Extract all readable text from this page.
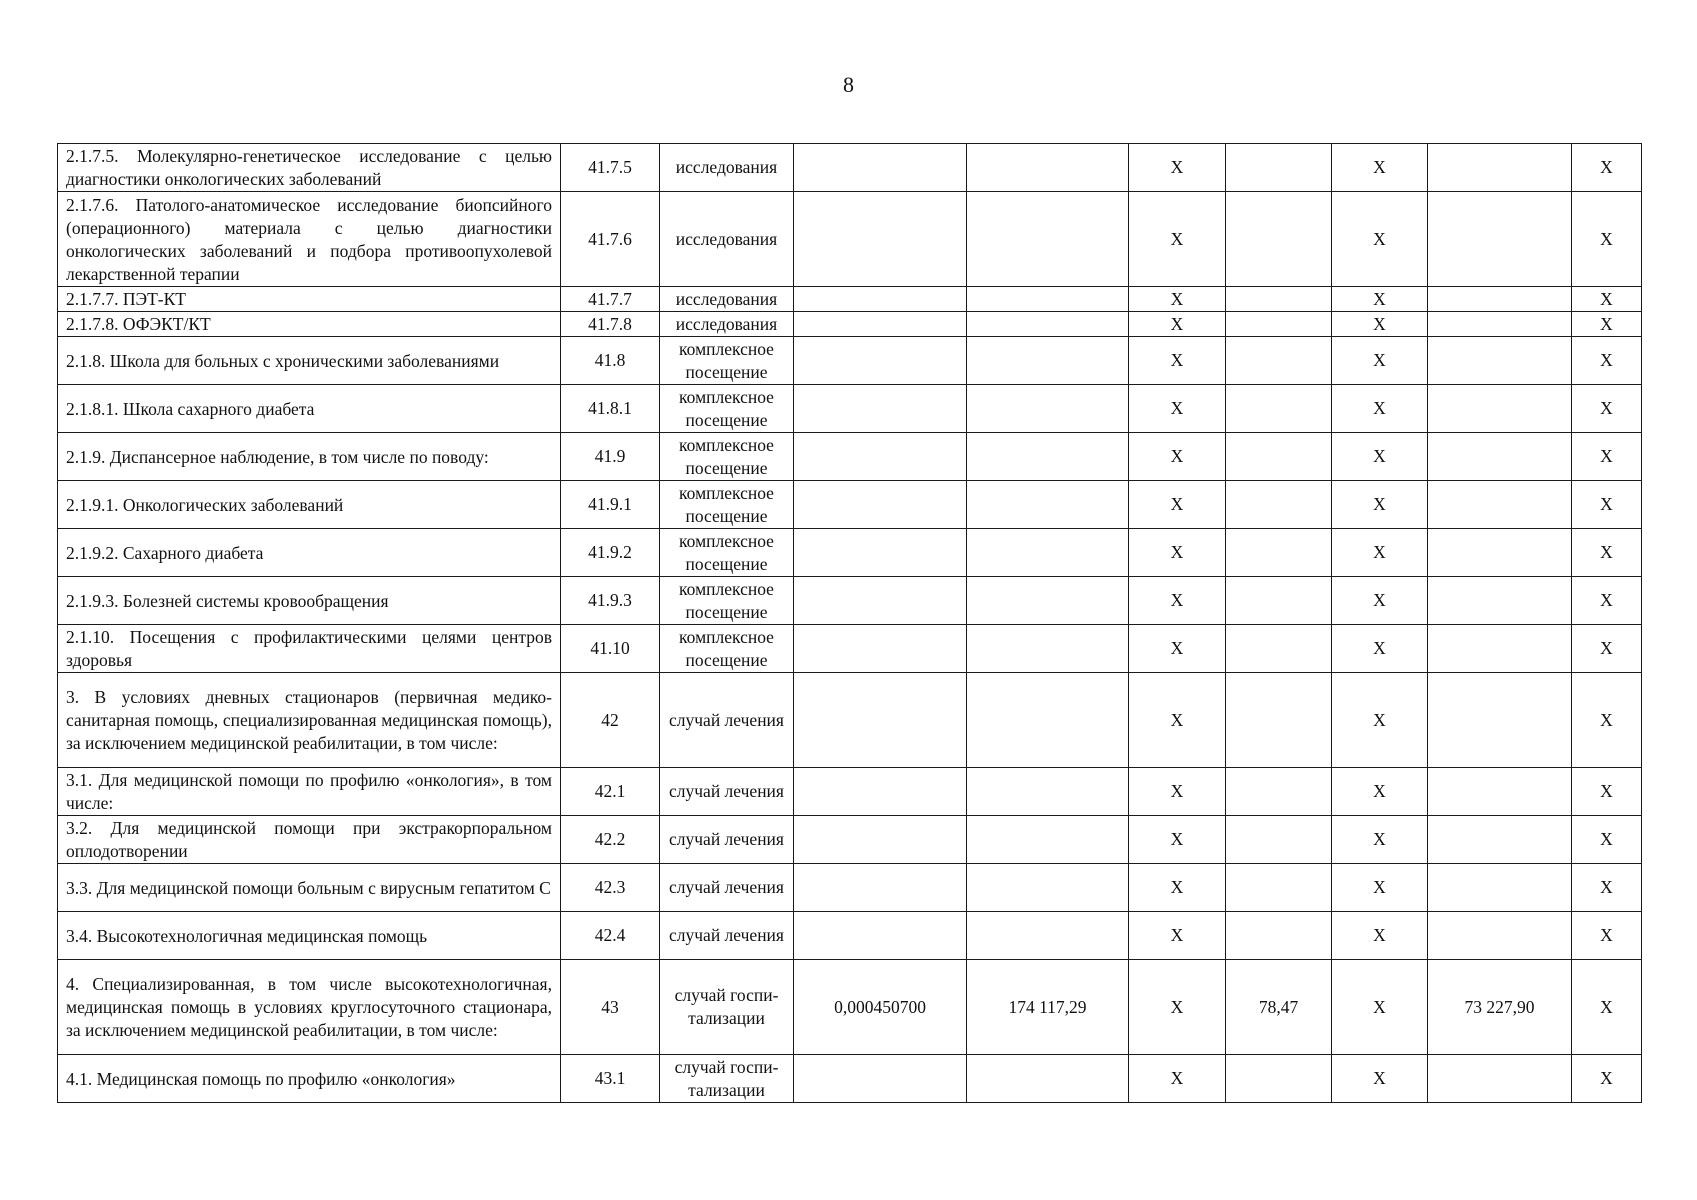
8
2.1.7.5. Молекулярно-генетическое исследование с целью диагностики онкологических заболеваний	41.7.5	исследования			X		X		X
2.1.7.6. Патолого-анатомическое исследование биопсийного (операционного) материала с целью диагностики онкологических заболеваний и подбора противоопухолевой лекарственной терапии	41.7.6	исследования			X		X		X
2.1.7.7. ПЭТ-КТ	41.7.7	исследования			X		X		X
2.1.7.8. ОФЭКТ/КТ	41.7.8	исследования			X		X		X
2.1.8. Школа для больных с хроническими заболеваниями	41.8	комплексное посещение			X		X		X
2.1.8.1. Школа сахарного диабета	41.8.1	комплексное посещение			X		X		X
2.1.9. Диспансерное наблюдение, в том числе по поводу:	41.9	комплексное посещение			X		X		X
2.1.9.1. Онкологических заболеваний	41.9.1	комплексное посещение			X		X		X
2.1.9.2. Сахарного диабета	41.9.2	комплексное посещение			X		X		X
2.1.9.3. Болезней системы кровообращения	41.9.3	комплексное посещение			X		X		X
2.1.10. Посещения с профилактическими целями центров здоровья	41.10	комплексное посещение			X		X		X
3. В условиях дневных стационаров (первичная медико-санитарная помощь, специализированная медицинская помощь), за исключением медицинской реабилитации, в том числе:	42	случай лечения			X		X		X
3.1. Для медицинской помощи по профилю «онкология», в том числе:	42.1	случай лечения			X		X		X
3.2. Для медицинской помощи при экстракорпоральном оплодотворении	42.2	случай лечения			X		X		X
3.3. Для медицинской помощи больным с вирусным гепатитом С	42.3	случай лечения			X		X		X
3.4. Высокотехнологичная медицинская помощь	42.4	случай лечения			X		X		X
4. Специализированная, в том числе высокотехнологичная, медицинская помощь в условиях круглосуточного стационара, за исключением медицинской реабилитации, в том числе:	43	случай госпи-тализации	0,000450700	174 117,29	X	78,47	X	73 227,90	X
4.1. Медицинская помощь по профилю «онкология»	43.1	случай госпи-тализации			X		X		X
